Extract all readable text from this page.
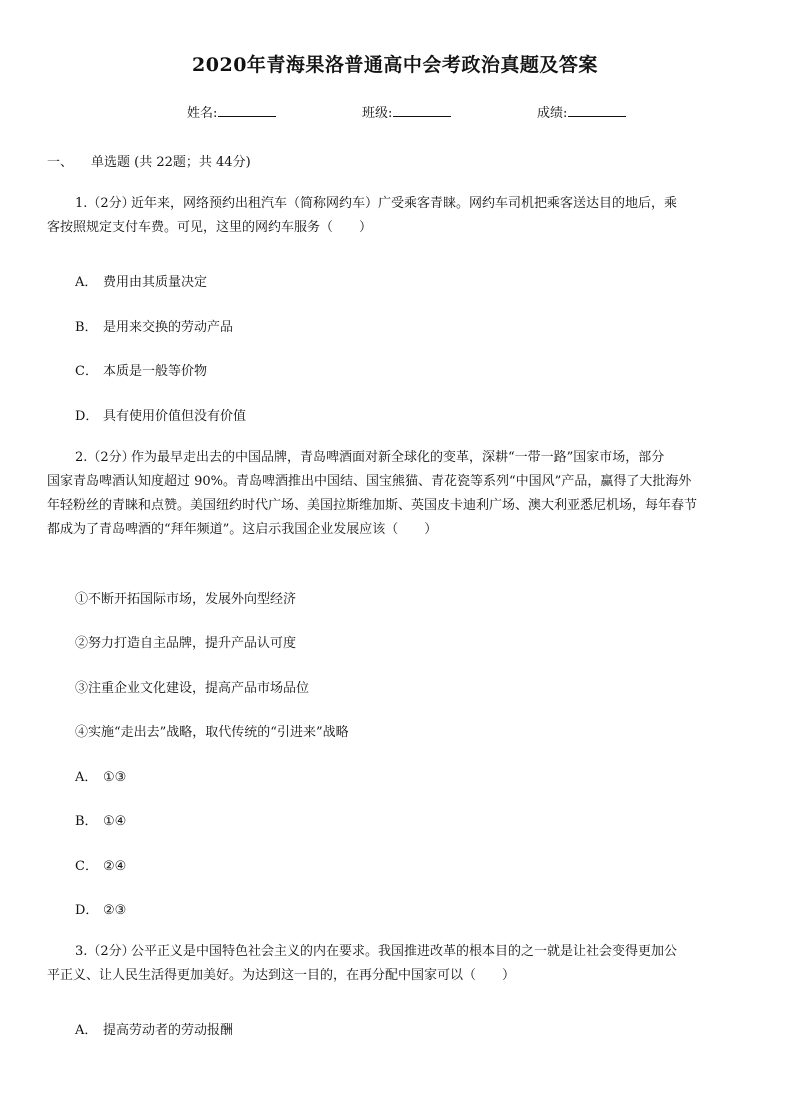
2020年青海果洛普通高中会考政治真题及答案
姓名:	班级:	成绩:
一、 单选题 (共 22题；共 44分)
1.（2分）近年来，网络预约出租汽车（简称网约车）广受乘客青睐。网约车司机把乘客送达目的地后，乘
客按照规定支付车费。可见，这里的网约车服务（　　）
A． 费用由其质量决定
B． 是用来交换的劳动产品
C． 本质是一般等价物
D． 具有使用价值但没有价值
2.（2分）作为最早走出去的中国品牌，青岛啤酒面对新全球化的变革，深耕“一带一路”国家市场，部分
国家青岛啤酒认知度超过 90%。青岛啤酒推出中国结、国宝熊猫、青花瓷等系列“中国风”产品，赢得了大批海外
年轻粉丝的青睐和点赞。美国纽约时代广场、美国拉斯维加斯、英国皮卡迪利广场、澳大利亚悉尼机场，每年春节
都成为了青岛啤酒的“拜年频道”。这启示我国企业发展应该（　　）
①不断开拓国际市场，发展外向型经济
②努力打造自主品牌，提升产品认可度
③注重企业文化建设，提高产品市场品位
④实施“走出去”战略，取代传统的“引进来”战略
A． ①③
B． ①④
C． ②④
D． ②③
3.（2分）公平正义是中国特色社会主义的内在要求。我国推进改革的根本目的之一就是让社会变得更加公
平正义、让人民生活得更加美好。为达到这一目的，在再分配中国家可以（　　）
A． 提高劳动者的劳动报酬
